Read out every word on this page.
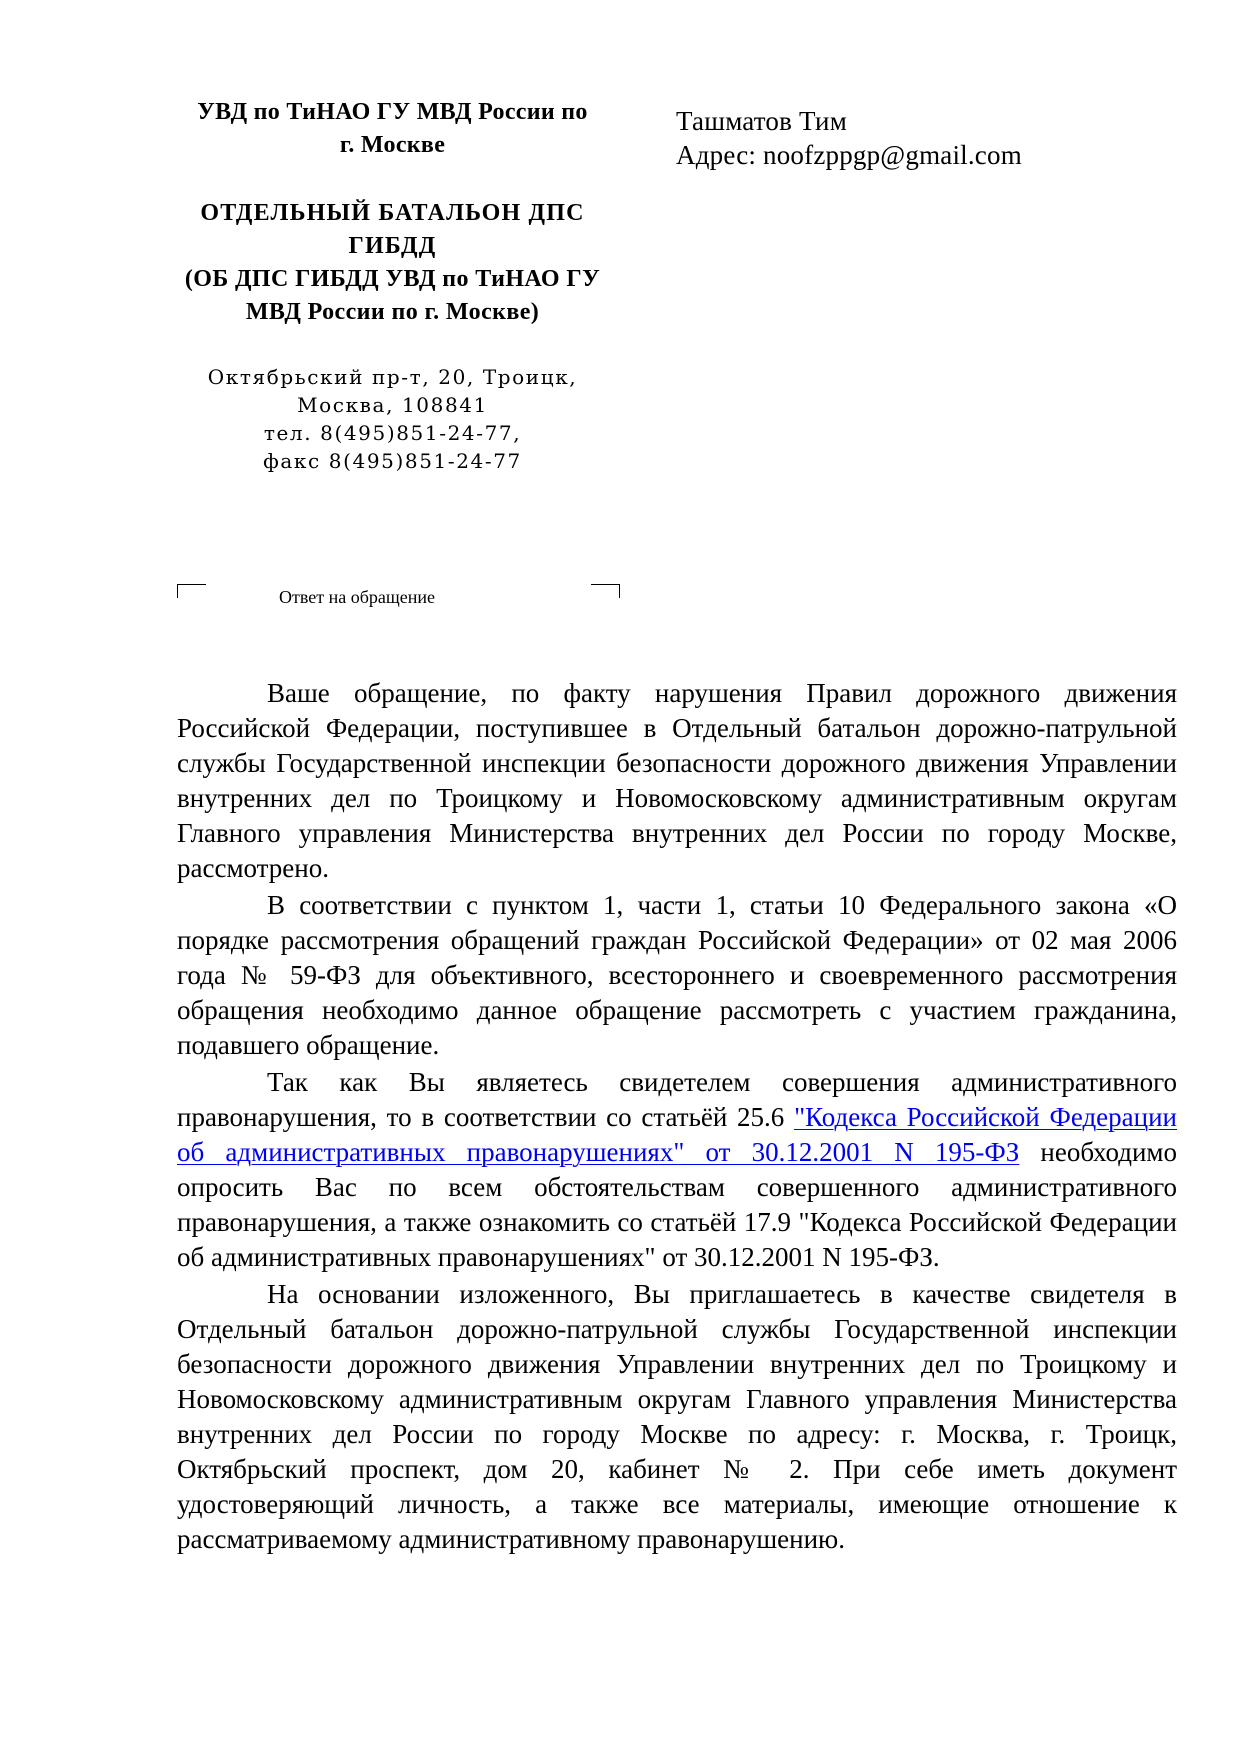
УВД по ТиНАО ГУ МВД России по
г. Москве
ОТДЕЛЬНЫЙ БАТАЛЬОН ДПС
ГИБДД
(ОБ ДПС ГИБДД УВД по ТиНАО ГУ
МВД России по г. Москве)
Октябрьский пр-т, 20, Троицк,
Москва, 108841
тел. 8(495)851-24-77,
факс 8(495)851-24-77
Ташматов Тим
Адрес: noofzppgp@gmail.com
Ответ на обращение

Ваше обращение, по факту нарушения Правил дорожного движения Российской Федерации, поступившее в Отдельный батальон дорожно-патрульной службы Государственной инспекции безопасности дорожного движения Управлении внутренних дел по Троицкому и Новомосковскому административным округам Главного управления Министерства внутренних дел России по городу Москве, рассмотрено.

В соответствии с пунктом 1, части 1, статьи 10 Федерального закона «О порядке рассмотрения обращений граждан Российской Федерации» от 02 мая 2006 года № 59-ФЗ для объективного, всестороннего и своевременного рассмотрения обращения необходимо данное обращение рассмотреть с участием гражданина, подавшего обращение.

Так как Вы являетесь свидетелем совершения административного правонарушения, то в соответствии со статьёй 25.6 "Кодекса Российской Федерации об административных правонарушениях" от 30.12.2001 N 195-ФЗ необходимо опросить Вас по всем обстоятельствам совершенного административного правонарушения, а также ознакомить со статьёй 17.9 "Кодекса Российской Федерации об административных правонарушениях" от 30.12.2001 N 195-ФЗ.

На основании изложенного, Вы приглашаетесь в качестве свидетеля в Отдельный батальон дорожно-патрульной службы Государственной инспекции безопасности дорожного движения Управлении внутренних дел по Троицкому и Новомосковскому административным округам Главного управления Министерства внутренних дел России по городу Москве по адресу: г. Москва, г. Троицк, Октябрьский проспект, дом 20, кабинет № 2. При себе иметь документ удостоверяющий личность, а также все материалы, имеющие отношение к рассматриваемому административному правонарушению.
